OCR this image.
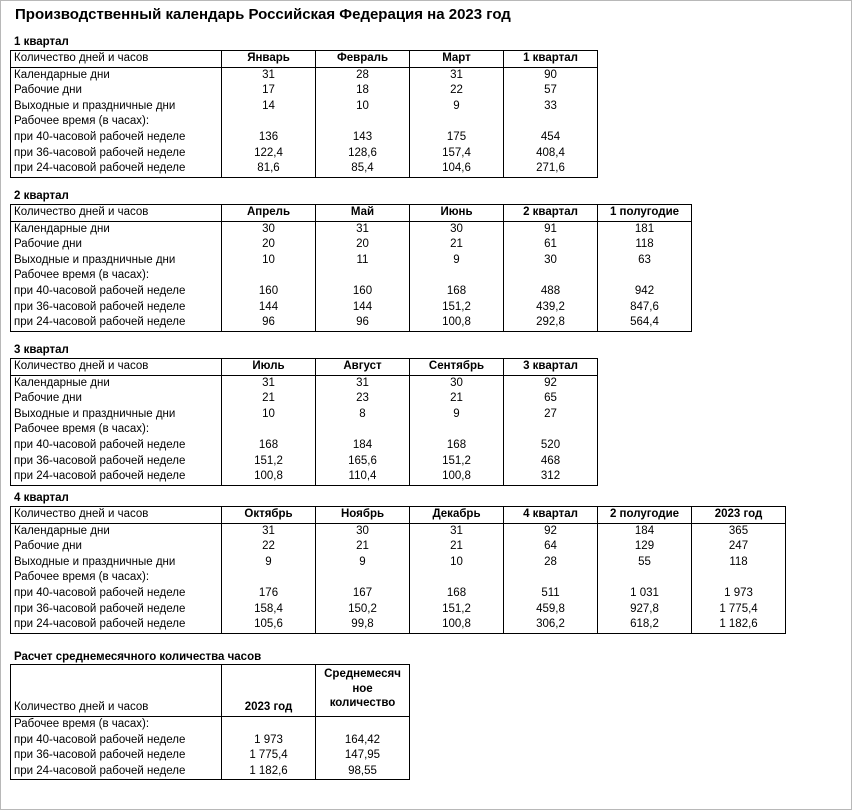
Производственный календарь Российская Федерация на 2023 год
1 квартал
Количество дней и часов	Январь	Февраль	Март	1 квартал
Календарные дни	31	28	31	90
Рабочие дни	17	18	22	57
Выходные и праздничные дни	14	10	9	33
Рабочее время (в часах):				
при 40-часовой рабочей неделе	136	143	175	454
при 36-часовой рабочей неделе	122,4	128,6	157,4	408,4
при 24-часовой рабочей неделе	81,6	85,4	104,6	271,6
2 квартал
Количество дней и часов	Апрель	Май	Июнь	2 квартал	1 полугодие
Календарные дни	30	31	30	91	181
Рабочие дни	20	20	21	61	118
Выходные и праздничные дни	10	11	9	30	63
Рабочее время (в часах):					
при 40-часовой рабочей неделе	160	160	168	488	942
при 36-часовой рабочей неделе	144	144	151,2	439,2	847,6
при 24-часовой рабочей неделе	96	96	100,8	292,8	564,4
3 квартал
Количество дней и часов	Июль	Август	Сентябрь	3 квартал
Календарные дни	31	31	30	92
Рабочие дни	21	23	21	65
Выходные и праздничные дни	10	8	9	27
Рабочее время (в часах):				
при 40-часовой рабочей неделе	168	184	168	520
при 36-часовой рабочей неделе	151,2	165,6	151,2	468
при 24-часовой рабочей неделе	100,8	110,4	100,8	312
4 квартал
Количество дней и часов	Октябрь	Ноябрь	Декабрь	4 квартал	2 полугодие	2023 год
Календарные дни	31	30	31	92	184	365
Рабочие дни	22	21	21	64	129	247
Выходные и праздничные дни	9	9	10	28	55	118
Рабочее время (в часах):						
при 40-часовой рабочей неделе	176	167	168	511	1 031	1 973
при 36-часовой рабочей неделе	158,4	150,2	151,2	459,8	927,8	1 775,4
при 24-часовой рабочей неделе	105,6	99,8	100,8	306,2	618,2	1 182,6
Расчет среднемесячного количества часов
Количество дней и часов	2023 год	Среднемесяч ное количество
Рабочее время (в часах):		
при 40-часовой рабочей неделе	1 973	164,42
при 36-часовой рабочей неделе	1 775,4	147,95
при 24-часовой рабочей неделе	1 182,6	98,55
